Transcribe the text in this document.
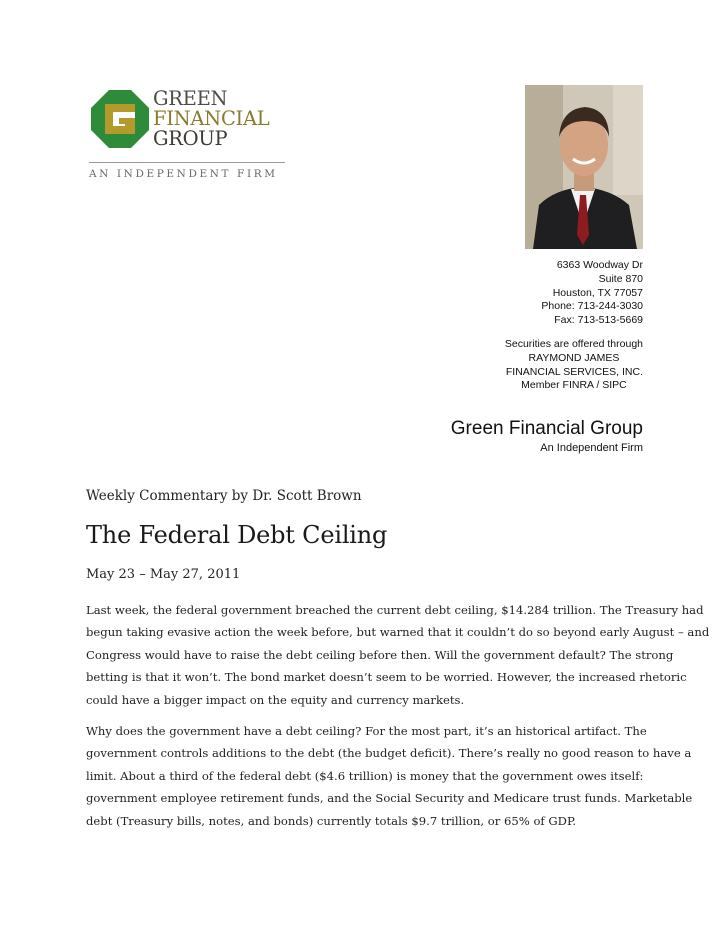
GREEN
FINANCIAL
GROUP
AN INDEPENDENT FIRM
6363 Woodway Dr
Suite 870
Houston, TX 77057
Phone: 713-244-3030
Fax: 713-513-5669
Securities are offered through
RAYMOND JAMES
FINANCIAL SERVICES, INC.
Member FINRA / SIPC
Green Financial Group
An Independent Firm
Weekly Commentary by Dr. Scott Brown
The Federal Debt Ceiling
May 23 – May 27, 2011
Last week, the federal government breached the current debt ceiling, $14.284 trillion. The Treasury had
begun taking evasive action the week before, but warned that it couldn’t do so beyond early August – and
Congress would have to raise the debt ceiling before then. Will the government default? The strong
betting is that it won’t. The bond market doesn’t seem to be worried. However, the increased rhetoric
could have a bigger impact on the equity and currency markets.
Why does the government have a debt ceiling? For the most part, it’s an historical artifact. The
government controls additions to the debt (the budget deficit). There’s really no good reason to have a
limit. About a third of the federal debt ($4.6 trillion) is money that the government owes itself:
government employee retirement funds, and the Social Security and Medicare trust funds. Marketable
debt (Treasury bills, notes, and bonds) currently totals $9.7 trillion, or 65% of GDP.
